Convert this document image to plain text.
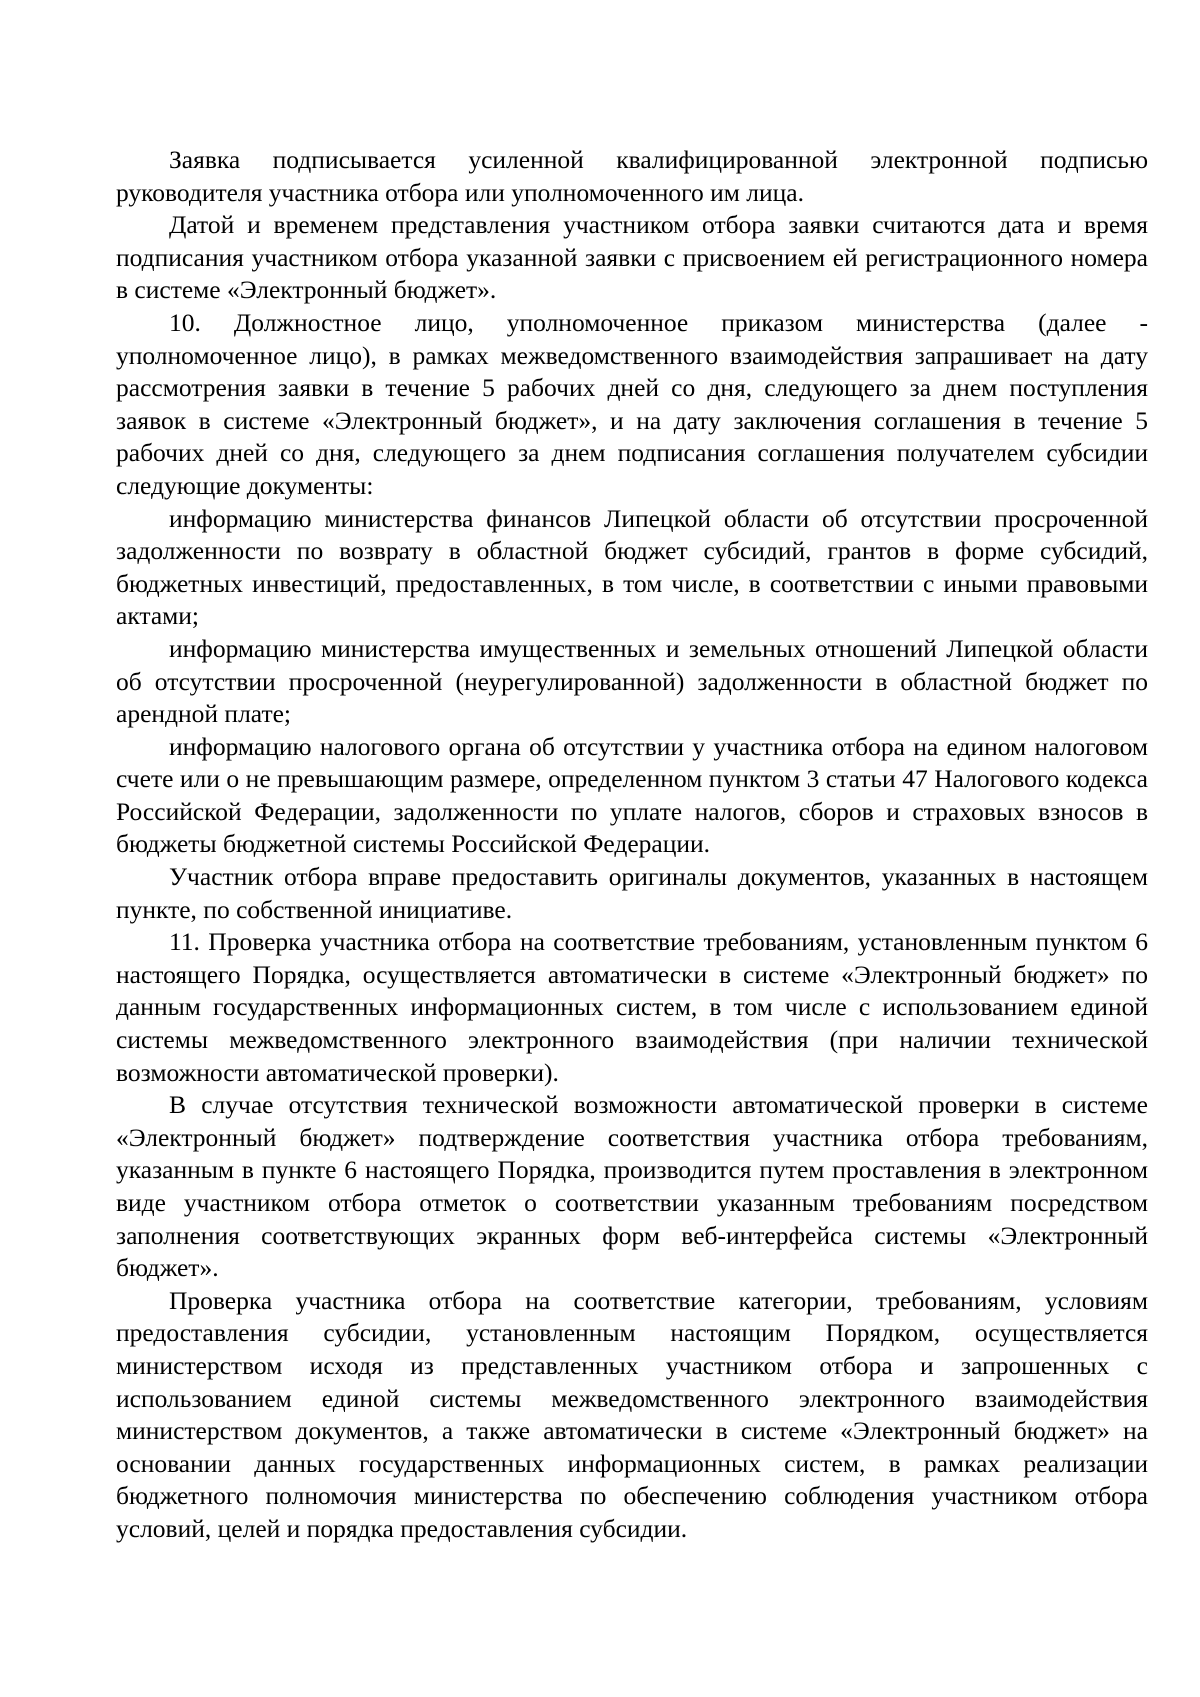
Заявка подписывается усиленной квалифицированной электронной подписью руководителя участника отбора или уполномоченного им лица.

Датой и временем представления участником отбора заявки считаются дата и время подписания участником отбора указанной заявки с присвоением ей регистрационного номера в системе «Электронный бюджет».

10. Должностное лицо, уполномоченное приказом министерства (далее - уполномоченное лицо), в рамках межведомственного взаимодействия запрашивает на дату рассмотрения заявки в течение 5 рабочих дней со дня, следующего за днем поступления заявок в системе «Электронный бюджет», и на дату заключения соглашения в течение 5 рабочих дней со дня, следующего за днем подписания соглашения получателем субсидии следующие документы:

информацию министерства финансов Липецкой области об отсутствии просроченной задолженности по возврату в областной бюджет субсидий, грантов в форме субсидий, бюджетных инвестиций, предоставленных, в том числе, в соответствии с иными правовыми актами;

информацию министерства имущественных и земельных отношений Липецкой области об отсутствии просроченной (неурегулированной) задолженности в областной бюджет по арендной плате;

информацию налогового органа об отсутствии у участника отбора на едином налоговом счете или о не превышающим размере, определенном пунктом 3 статьи 47 Налогового кодекса Российской Федерации, задолженности по уплате налогов, сборов и страховых взносов в бюджеты бюджетной системы Российской Федерации.

Участник отбора вправе предоставить оригиналы документов, указанных в настоящем пункте, по собственной инициативе.

11. Проверка участника отбора на соответствие требованиям, установленным пунктом 6 настоящего Порядка, осуществляется автоматически в системе «Электронный бюджет» по данным государственных информационных систем, в том числе с использованием единой системы межведомственного электронного взаимодействия (при наличии технической возможности автоматической проверки).

В случае отсутствия технической возможности автоматической проверки в системе «Электронный бюджет» подтверждение соответствия участника отбора требованиям, указанным в пункте 6 настоящего Порядка, производится путем проставления в электронном виде участником отбора отметок о соответствии указанным требованиям посредством заполнения соответствующих экранных форм веб-интерфейса системы «Электронный бюджет».

Проверка участника отбора на соответствие категории, требованиям, условиям предоставления субсидии, установленным настоящим Порядком, осуществляется министерством исходя из представленных участником отбора и запрошенных с использованием единой системы межведомственного электронного взаимодействия министерством документов, а также автоматически в системе «Электронный бюджет» на основании данных государственных информационных систем, в рамках реализации бюджетного полномочия министерства по обеспечению соблюдения участником отбора условий, целей и порядка предоставления субсидии.
